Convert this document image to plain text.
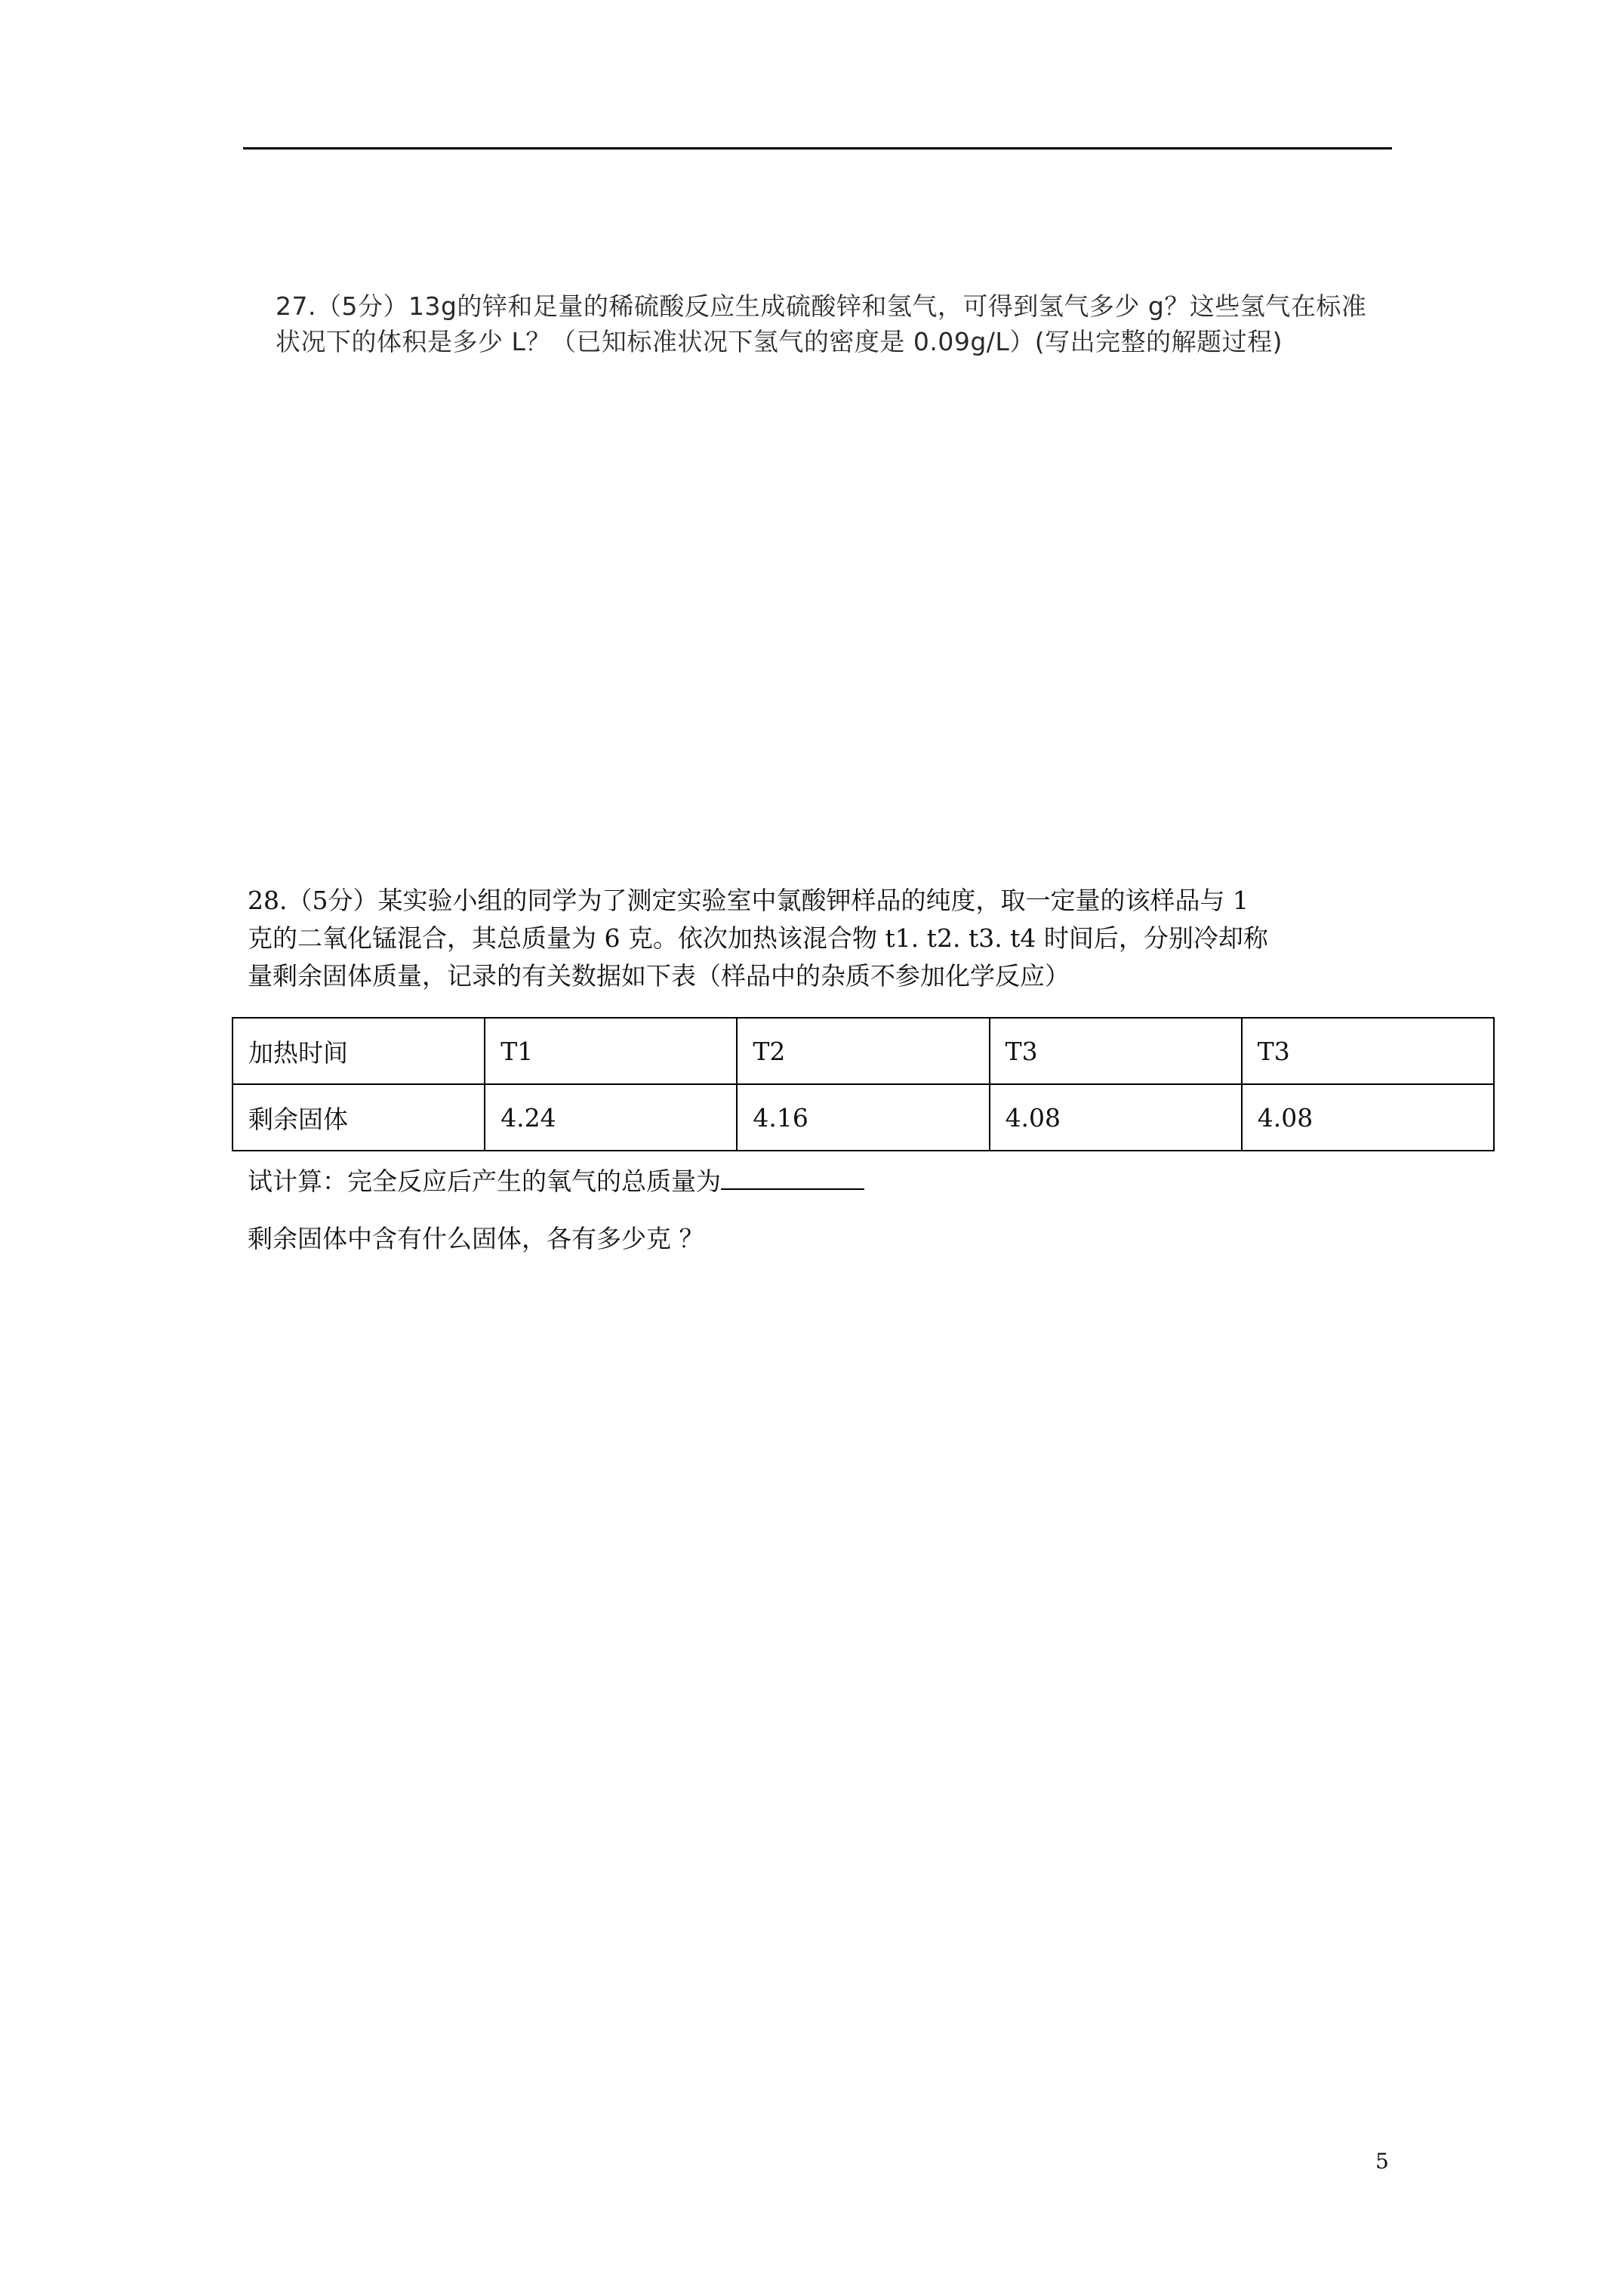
27.（5分）13g的锌和足量的稀硫酸反应生成硫酸锌和氢气，可得到氢气多少 g？这些氢气在标准状况下的体积是多少 L？（已知标准状况下氢气的密度是 0.09g/L）(写出完整的解题过程)

28.（5分）某实验小组的同学为了测定实验室中氯酸钾样品的纯度，取一定量的该样品与 1

克的二氧化锰混合，其总质量为 6 克。依次加热该混合物 t1. t2. t3. t4 时间后，分别冷却称

量剩余固体质量，记录的有关数据如下表（样品中的杂质不参加化学反应）

加热时间	T1	T2	T3	T3
剩余固体	4.24	4.16	4.08	4.08
试计算：完全反应后产生的氧气的总质量为
剩余固体中含有什么固体，各有多少克 ？
5
